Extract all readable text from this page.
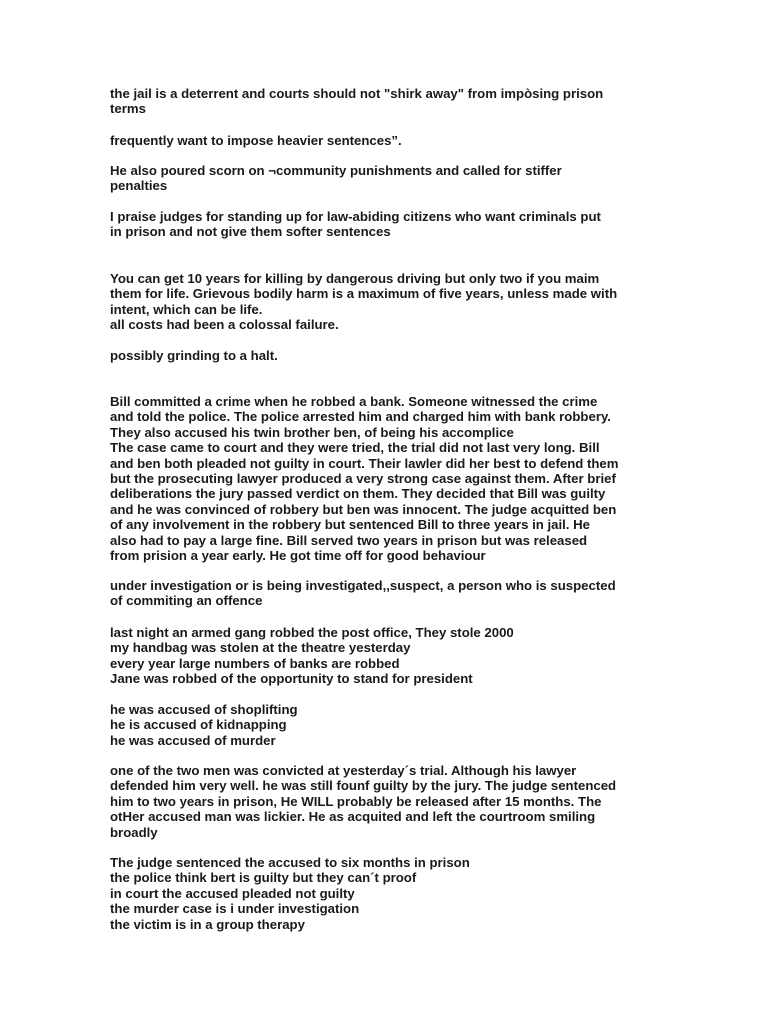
the jail is a deterrent and courts should not "shirk away" from impòsing prison
terms

frequently want to impose heavier sentences”.

He also poured scorn on ¬community punishments and called for stiffer
penalties

I praise judges for standing up for law-abiding citizens who want criminals put
in prison and not give them softer sentences

You can get 10 years for killing by dangerous driving but only two if you maim
them for life. Grievous bodily harm is a maximum of five years, unless made with
intent, which can be life.
all costs had been a colossal failure.

possibly grinding to a halt.

Bill committed a crime when he robbed a bank. Someone witnessed the crime
and told the police. The police arrested him and charged him with bank robbery.
They also accused his twin brother ben, of being his accomplice
The case came to court and they were tried, the trial did not last very long. Bill
and ben both pleaded not guilty in court. Their lawler did her best to defend them
but the prosecuting lawyer produced a very strong case against them. After brief
deliberations the jury passed verdict on them. They decided that Bill was guilty
and he was convinced of robbery but ben was innocent. The judge acquitted ben
of any involvement in the robbery but sentenced Bill to three years in jail. He
also had to pay a large fine. Bill served two years in prison but was released
from prision a year early. He got time off for good behaviour

under investigation or is being investigated,,suspect, a person who is suspected
of commiting an offence

last night an armed gang robbed the post office, They stole 2000
my handbag was stolen at the theatre yesterday
every year large numbers of banks are robbed
Jane was robbed of the opportunity to stand for president

he was accused of shoplifting
he is accused of kidnapping
he was accused of murder

one of the two men was convicted at yesterday´s trial. Although his lawyer
defended him very well. he was still founf guilty by the jury. The judge sentenced
him to two years in prison, He WILL probably be released after 15 months. The
otHer accused man was lickier. He as acquited and left the courtroom smiling
broadly

The judge sentenced the accused to six months in prison
the police think bert is guilty but they can´t proof
in court the accused pleaded not guilty
the murder case is i under investigation
the victim is in a group therapy
